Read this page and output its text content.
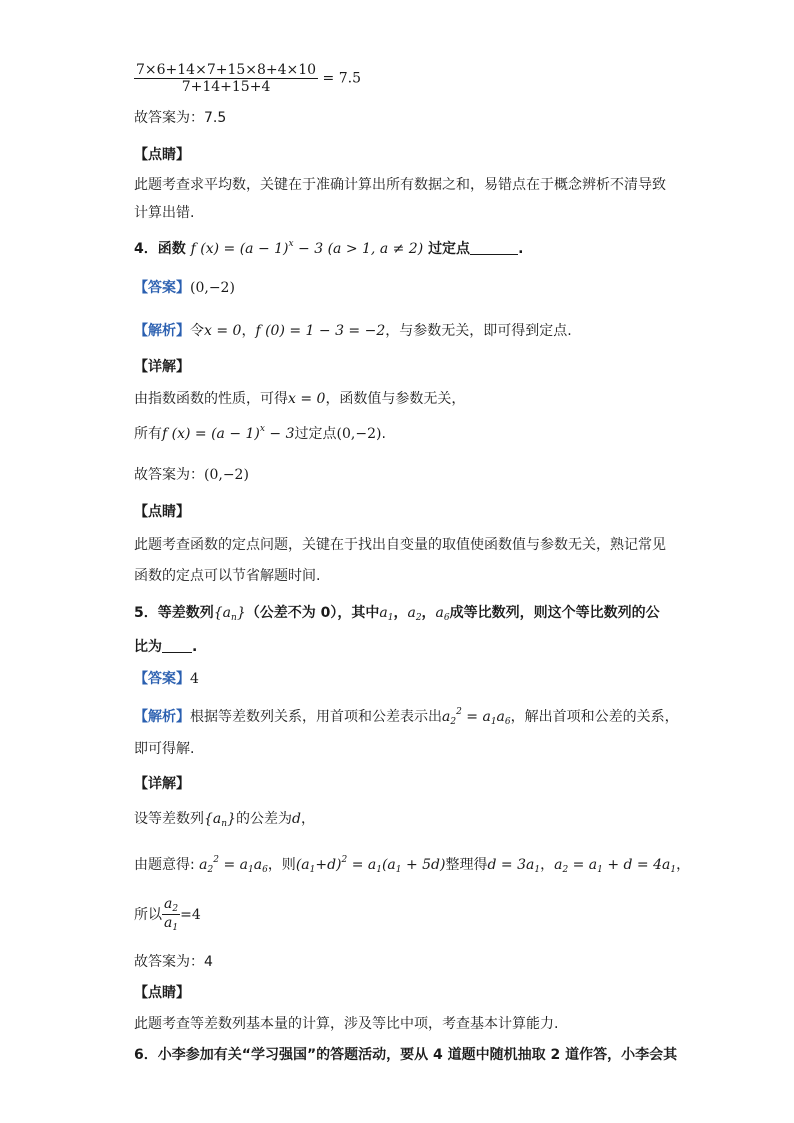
$\frac{7\times 6+14\times 7+15\times 8+4\times 10}{7+14+15+4} = 7.5$
故答案为：7.5
【点睛】
此题考查求平均数，关键在于准确计算出所有数据之和，易错点在于概念辨析不清导致
计算出错.
4．函数 f $(x) = (a - 1)^x - 3$ (a > 1, a ≠ 2) 过定点	.
【答案】(0,−2)
【解析】令x = 0，f (0) = 1 − 3 = −2，与参数无关，即可得到定点.
【详解】
由指数函数的性质，可得x = 0，函数值与参数无关，
所有f $(x) = (a - 1)^x - 3$过定点(0,−2).
故答案为：(0,−2)
【点睛】
此题考查函数的定点问题，关键在于找出自变量的取值使函数值与参数无关，熟记常见
函数的定点可以节省解题时间.
5．等差数列$\{a_n\}$（公差不为 0），其中$a_1$，$a_2$，$a_6$成等比数列，则这个等比数列的公
比为 .
【答案】4
【解析】根据等差数列关系，用首项和公差表示出$a_2^2 = a_1a_6$，解出首项和公差的关系，
即可得解.
【详解】
设等差数列$\{a_n\}$的公差为d，
由题意得: $a_2^2 = a_1a_6$，则$(a_1+d)^2 = a_1(a_1 + 5d)$整理得$d = 3a_1$，$a_2 = a_1 + d = 4a_1$，
所以 $\frac{a_2}{a_1} =4$
故答案为：4
【点睛】
此题考查等差数列基本量的计算，涉及等比中项，考查基本计算能力.
6．小李参加有关“学习强国”的答题活动，要从 4 道题中随机抽取 2 道作答，小李会其
